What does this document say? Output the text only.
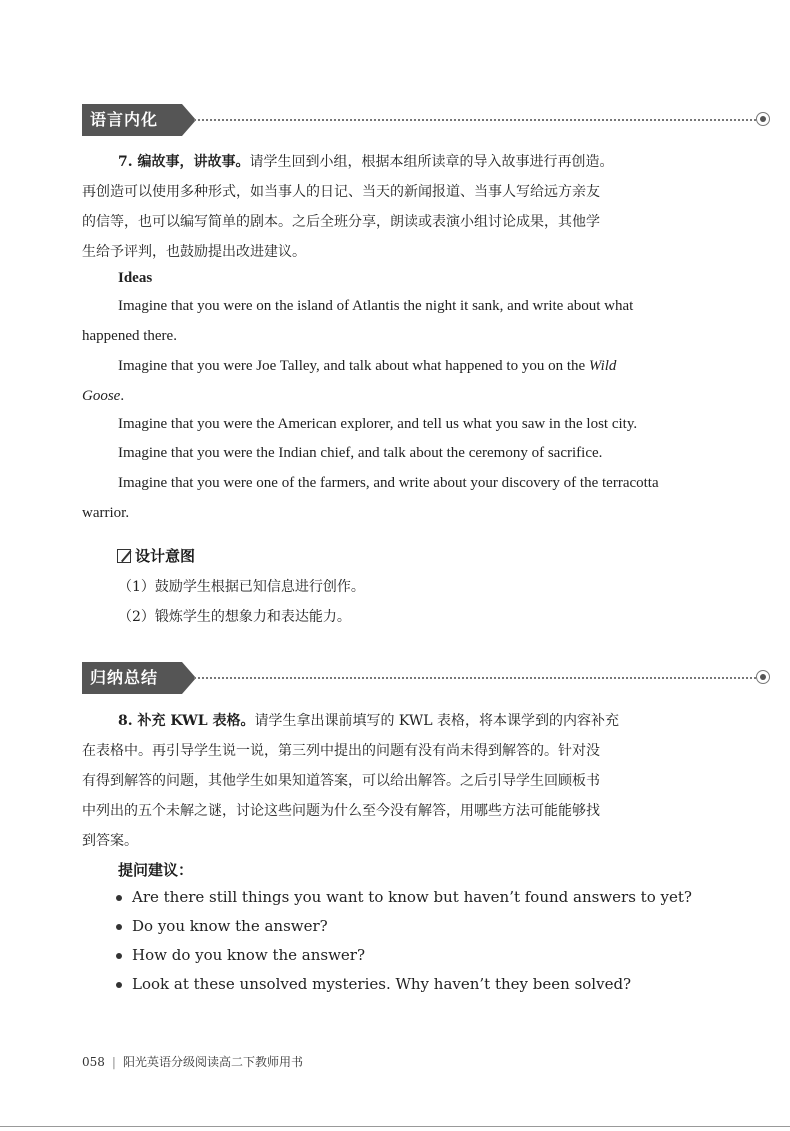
语言内化
7. 编故事，讲故事。请学生回到小组，根据本组所读章的导入故事进行再创造。
再创造可以使用多种形式，如当事人的日记、当天的新闻报道、当事人写给远方亲友
的信等，也可以编写简单的剧本。之后全班分享，朗读或表演小组讨论成果，其他学
生给予评判，也鼓励提出改进建议。
Ideas
Imagine that you were on the island of Atlantis the night it sank, and write about what
happened there.
Imagine that you were Joe Talley, and talk about what happened to you on the Wild
Goose.
Imagine that you were the American explorer, and tell us what you saw in the lost city.
Imagine that you were the Indian chief, and talk about the ceremony of sacrifice.
Imagine that you were one of the farmers, and write about your discovery of the terracotta
warrior.
设计意图
（1）鼓励学生根据已知信息进行创作。
（2）锻炼学生的想象力和表达能力。
归纳总结
8. 补充 KWL 表格。请学生拿出课前填写的 KWL 表格，将本课学到的内容补充
在表格中。再引导学生说一说，第三列中提出的问题有没有尚未得到解答的。针对没
有得到解答的问题，其他学生如果知道答案，可以给出解答。之后引导学生回顾板书
中列出的五个未解之谜，讨论这些问题为什么至今没有解答，用哪些方法可能能够找
到答案。
提问建议：
Are there still things you want to know but haven’t found answers to yet?
Do you know the answer?
How do you know the answer?
Look at these unsolved mysteries. Why haven’t they been solved?
058 | 阳光英语分级阅读高二下教师用书
